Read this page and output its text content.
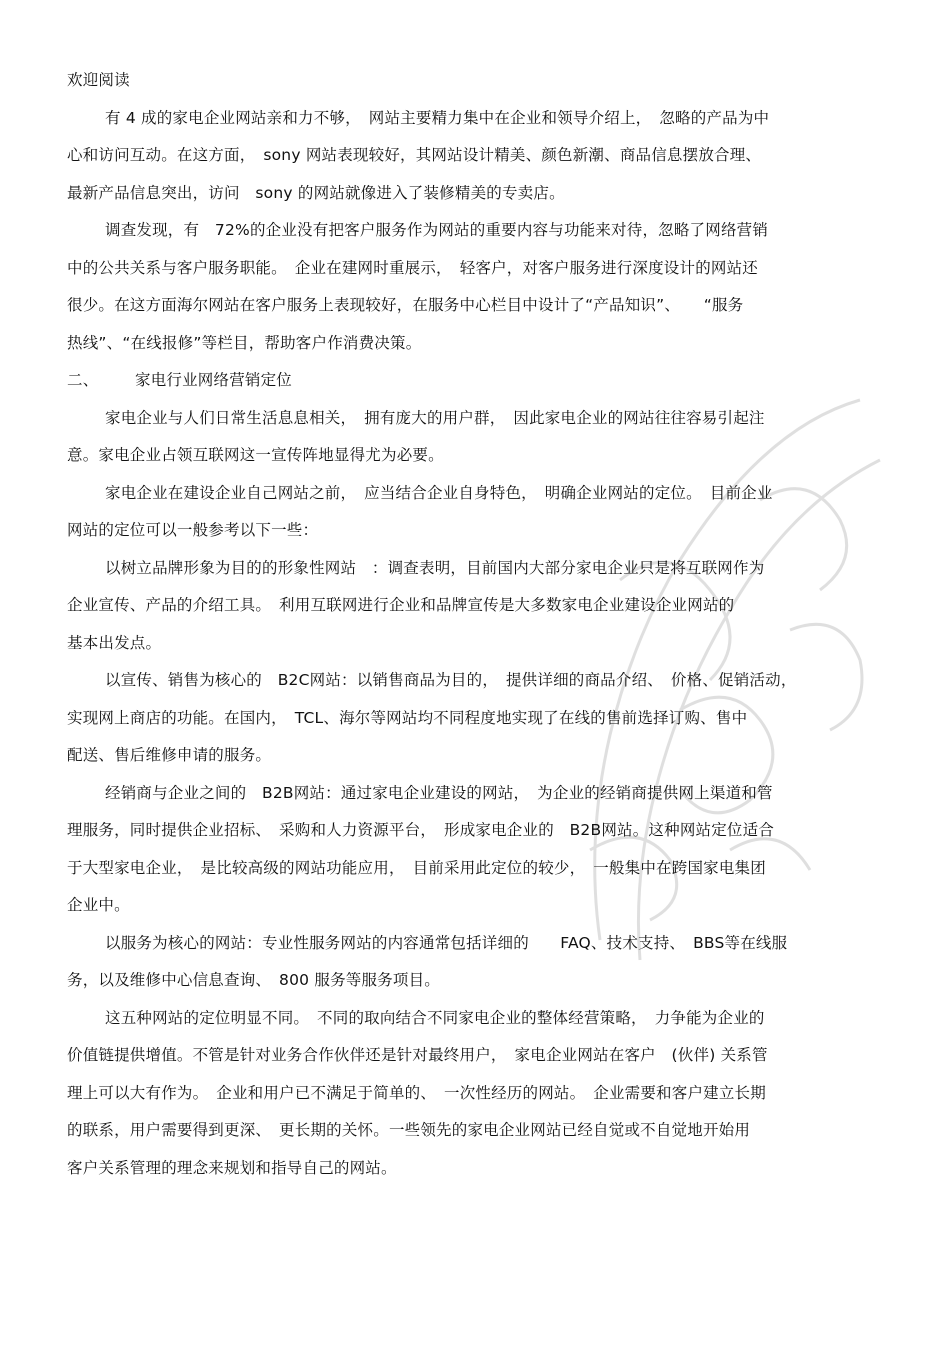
欢迎阅读
有 4 成的家电企业网站亲和力不够，　网站主要精力集中在企业和领导介绍上，　忽略的产品为中
心和访问互动。在这方面，　sony 网站表现较好，其网站设计精美、颜色新潮、商品信息摆放合理、
最新产品信息突出，访问　sony 的网站就像进入了装修精美的专卖店。
调查发现，有　72%的企业没有把客户服务作为网站的重要内容与功能来对待，忽略了网络营销
中的公共关系与客户服务职能。　企业在建网时重展示，　轻客户，对客户服务进行深度设计的网站还
很少。在这方面海尔网站在客户服务上表现较好，在服务中心栏目中设计了“产品知识”、　　“服务
热线”、“在线报修”等栏目，帮助客户作消费决策。
二、 家电行业网络营销定位
家电企业与人们日常生活息息相关，　拥有庞大的用户群，　因此家电企业的网站往往容易引起注
意。家电企业占领互联网这一宣传阵地显得尤为必要。
家电企业在建设企业自己网站之前，　应当结合企业自身特色，　明确企业网站的定位。　目前企业
网站的定位可以一般参考以下一些：
以树立品牌形象为目的的形象性网站　：调查表明，目前国内大部分家电企业只是将互联网作为
企业宣传、产品的介绍工具。　利用互联网进行企业和品牌宣传是大多数家电企业建设企业网站的
基本出发点。
以宣传、销售为核心的　B2C网站：以销售商品为目的，　提供详细的商品介绍、　价格、促销活动，
实现网上商店的功能。在国内，　TCL、海尔等网站均不同程度地实现了在线的售前选择订购、售中
配送、售后维修申请的服务。
经销商与企业之间的　B2B网站：通过家电企业建设的网站，　为企业的经销商提供网上渠道和管
理服务，同时提供企业招标、　采购和人力资源平台，　形成家电企业的　B2B网站。这种网站定位适合
于大型家电企业，　是比较高级的网站功能应用，　目前采用此定位的较少，　一般集中在跨国家电集团
企业中。
以服务为核心的网站：专业性服务网站的内容通常包括详细的　　FAQ、技术支持、　BBS等在线服
务，以及维修中心信息查询、　800 服务等服务项目。
这五种网站的定位明显不同。　不同的取向结合不同家电企业的整体经营策略，　力争能为企业的
价值链提供增值。不管是针对业务合作伙伴还是针对最终用户，　家电企业网站在客户　(伙伴) 关系管
理上可以大有作为。　企业和用户已不满足于简单的、　一次性经历的网站。　企业需要和客户建立长期
的联系，用户需要得到更深、　更长期的关怀。一些领先的家电企业网站已经自觉或不自觉地开始用
客户关系管理的理念来规划和指导自己的网站。
